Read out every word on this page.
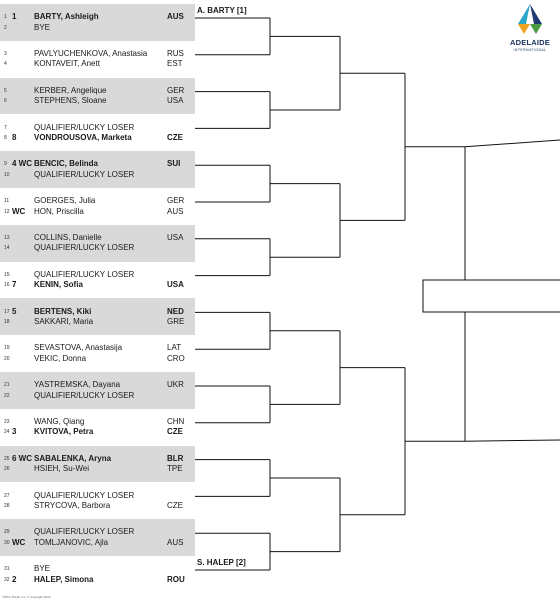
1 1 BARTY, Ashleigh	AUS
2	BYE
3	PAVLYUCHENKOVA, Anastasia RUS
4	KONTAVEIT, Anett	EST
5	KERBER, Angelique	GER
6	STEPHENS, Sloane	USA
7	QUALIFIER/LUCKY LOSER
8 8 VONDROUSOVA, Marketa	CZE
9 4 WC BENCIC, Belinda	SUI
10	QUALIFIER/LUCKY LOSER
11	GOERGES, Julia	GER
12 WC HON, Priscilla	AUS
13	COLLINS, Danielle	USA
14	QUALIFIER/LUCKY LOSER
15	QUALIFIER/LUCKY LOSER
16 7 KENIN, Sofia	USA
17 5 BERTENS, Kiki	NED
18	SAKKARI, Maria	GRE
19	SEVASTOVA, Anastasija	LAT
20	VEKIC, Donna	CRO
21	YASTREMSKA, Dayana	UKR
22	QUALIFIER/LUCKY LOSER
23	WANG, Qiang	CHN
24 3 KVITOVA, Petra	CZE
25 6 WC SABALENKA, Aryna	BLR
26	HSIEH, Su-Wei	TPE
27	QUALIFIER/LUCKY LOSER
28	STRYCOVA, Barbora	CZE
29	QUALIFIER/LUCKY LOSER
30 WC TOMLJANOVIC, Ajla	AUS
31	BYE
32 2 HALEP, Simona	ROU
A. BARTY [1]
S. HALEP [2]
ADELAIDE
INTERNATIONAL
©WTA TOUR, Inc. © Copyright 2019
